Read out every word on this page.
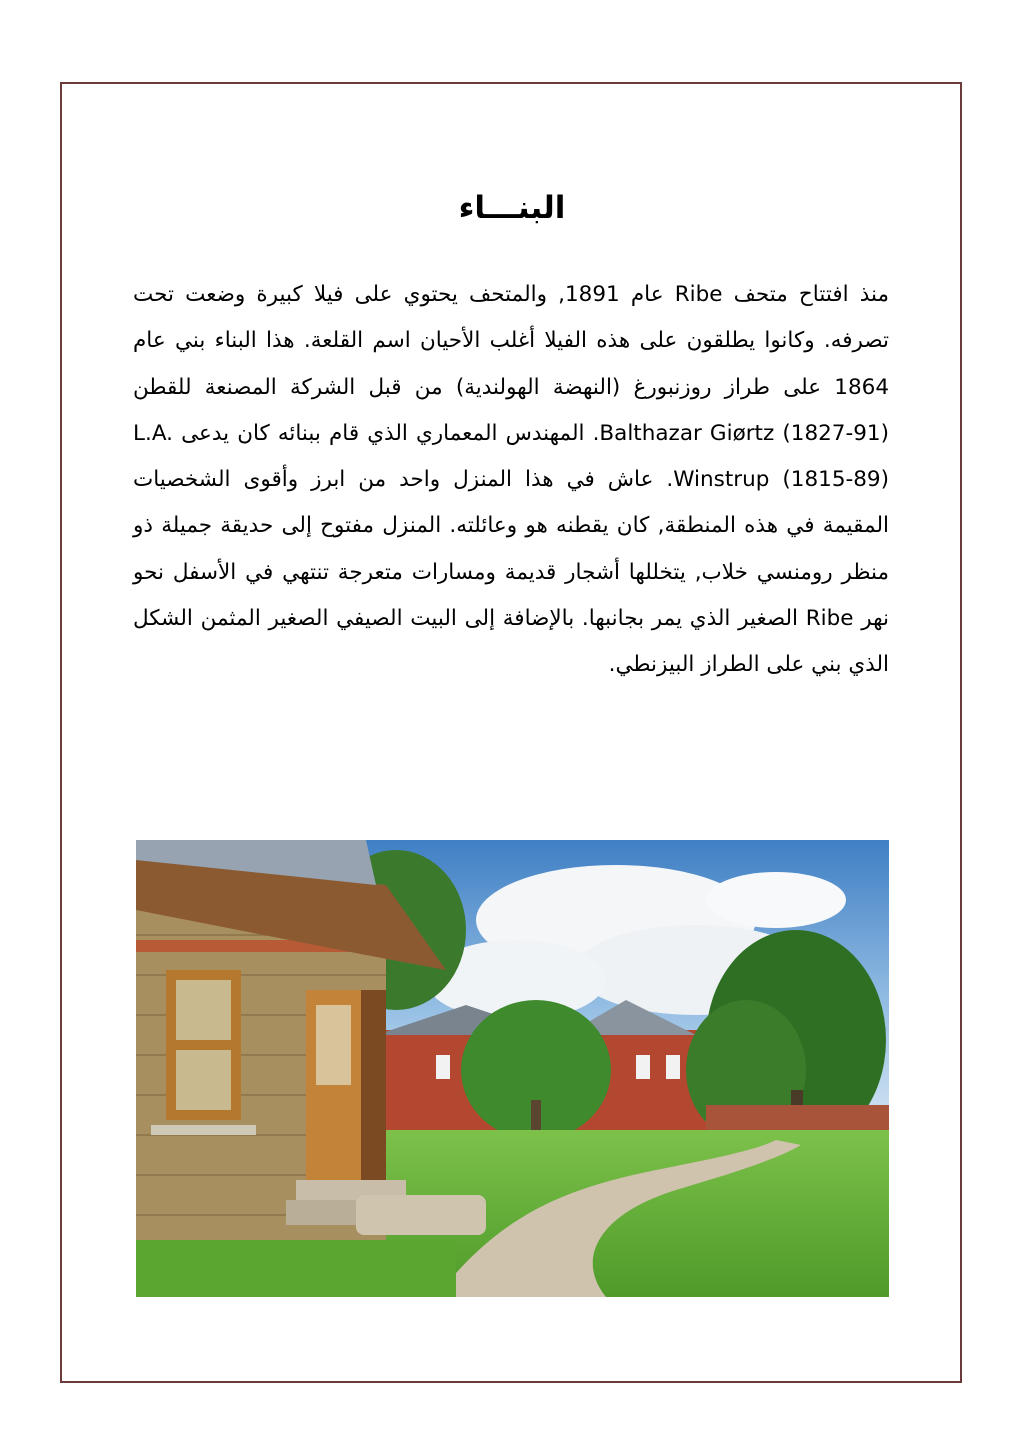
البنـــاء

منذ افتتاح متحف Ribe عام 1891, والمتحف يحتوي على فيلا كبيرة وضعت تحت تصرفه. وكانوا يطلقون على هذه الفيلا أغلب الأحيان اسم القلعة. هذا البناء بني عام 1864 على طراز روزنبورغ (النهضة الهولندية) من قبل الشركة المصنعة للقطن Balthazar Giørtz (1827-91). المهندس المعماري الذي قام ببنائه كان يدعى L.A. Winstrup (1815-89). عاش في هذا المنزل واحد من ابرز وأقوى الشخصيات المقيمة في هذه المنطقة, كان يقطنه هو وعائلته. المنزل مفتوح إلى حديقة جميلة ذو منظر رومنسي خلاب, يتخللها أشجار قديمة ومسارات متعرجة تنتهي في الأسفل نحو نهر Ribe الصغير الذي يمر بجانبها. بالإضافة إلى البيت الصيفي الصغير المثمن الشكل الذي بني على الطراز البيزنطي.
